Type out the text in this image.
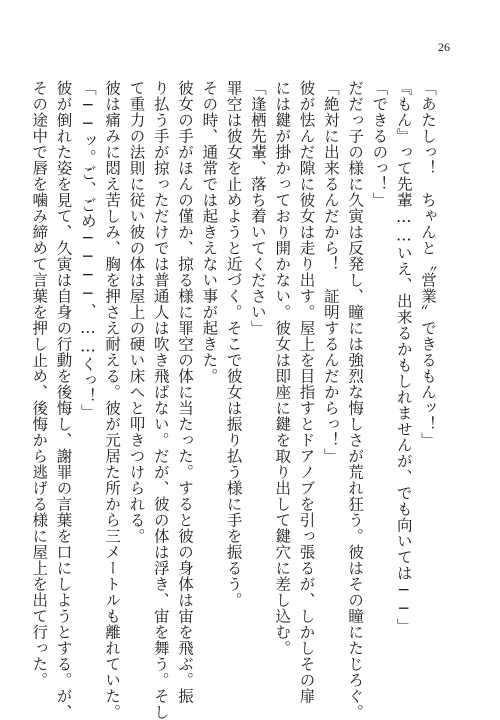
26
「あたしっ！　ちゃんと〝営業〟できるもんッ！」
『もん』って先輩……いえ、出来るかもしれませんが、でも向いては──」
「できるのっ！」
だだっ子の様に久寅は反発し、瞳には強烈な悔しさが荒れ狂う。彼はその瞳にたじろぐ。
「絶対に出来るんだから！　証明するんだからっ！」
彼が怯んだ隙に彼女は走り出す。屋上を目指すとドアノブを引っ張るが、しかしその扉
には鍵が掛かっており開かない。彼女は即座に鍵を取り出して鍵穴に差し込む。
「逢栖先輩、落ち着いてください」
罪空は彼女を止めようと近づく。そこで彼女は振り払う様に手を振るう。
その時、通常では起きえない事が起きた。
彼女の手がほんの僅か、掠る様に罪空の体に当たった。すると彼の身体は宙を飛ぶ。振
り払う手が掠っただけでは普通人は吹き飛ばない。だが、彼の体は浮き、宙を舞う。そし
て重力の法則に従い彼の体は屋上の硬い床へと叩きつけられる。
彼は痛みに悶え苦しみ、胸を押さえ耐える。彼が元居た所から三メートルも離れていた。
「──ッ。ご、ごめ────、……くっ！」
彼が倒れた姿を見て、久寅は自身の行動を後悔し、謝罪の言葉を口にしようとする。が、
その途中で唇を噛み締めて言葉を押し止め、後悔から逃げる様に屋上を出て行った。
